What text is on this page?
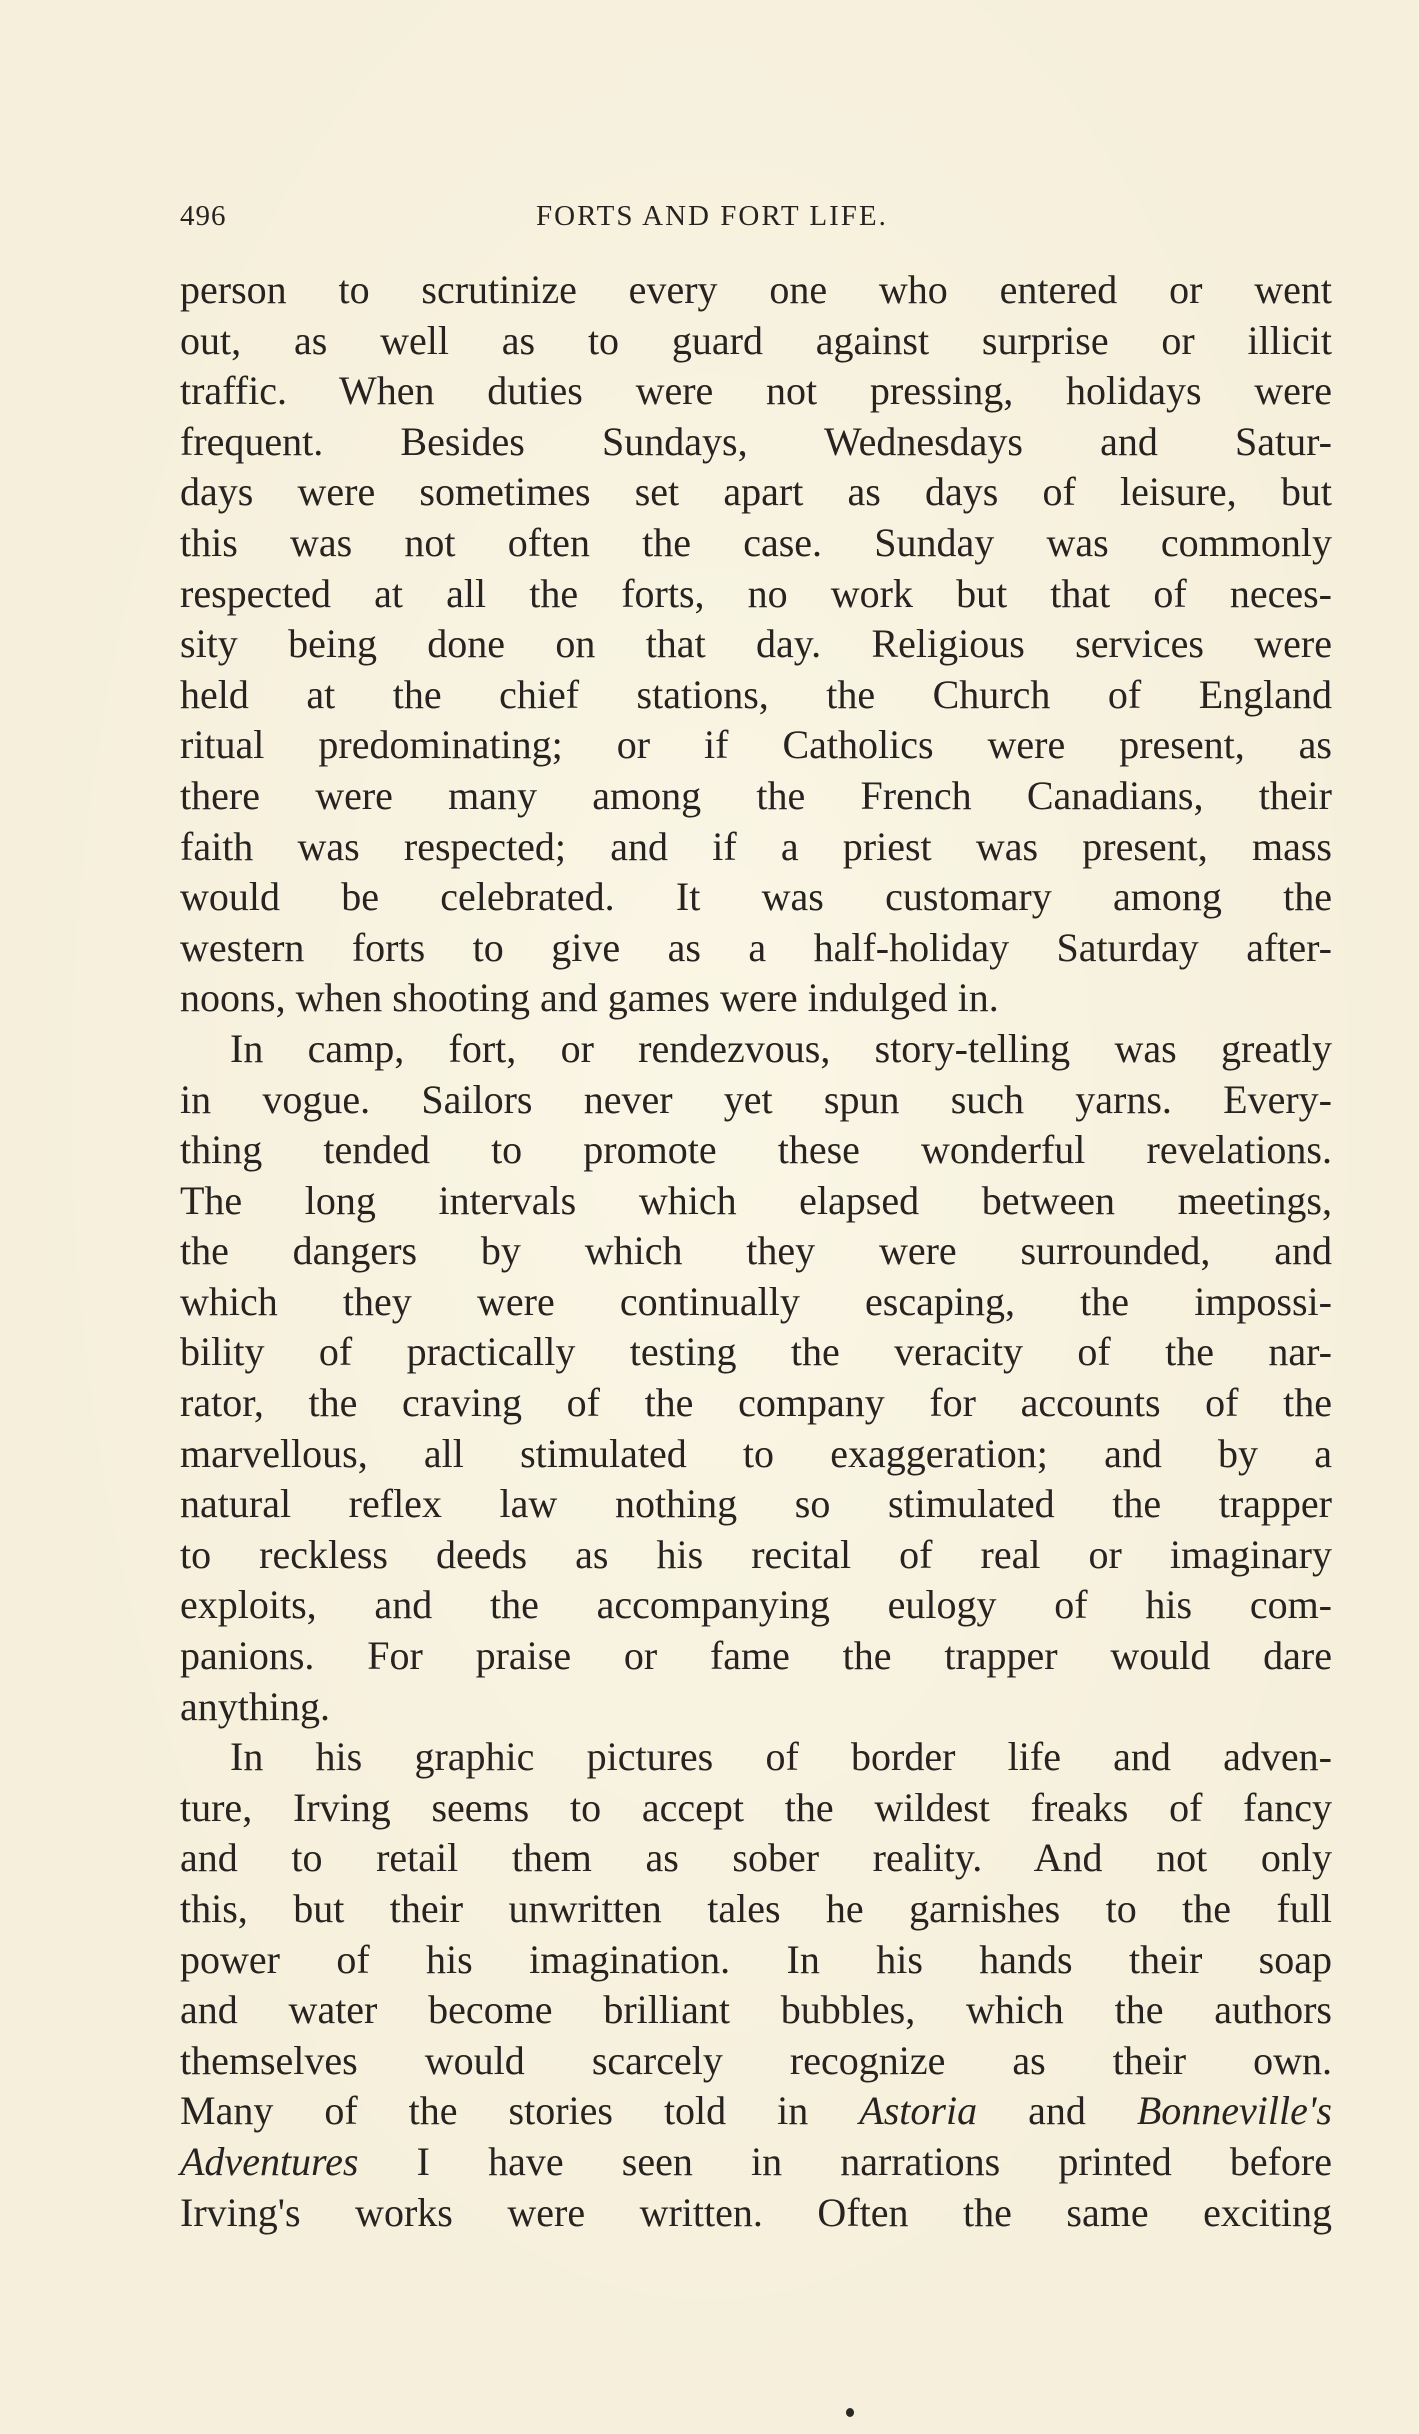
496	FORTS AND FORT LIFE.
person to scrutinize every one who entered or went
out, as well as to guard against surprise or illicit
traffic. When duties were not pressing, holidays were
frequent. Besides Sundays, Wednesdays and Satur-
days were sometimes set apart as days of leisure, but
this was not often the case. Sunday was commonly
respected at all the forts, no work but that of neces-
sity being done on that day. Religious services were
held at the chief stations, the Church of England
ritual predominating; or if Catholics were present, as
there were many among the French Canadians, their
faith was respected; and if a priest was present, mass
would be celebrated. It was customary among the
western forts to give as a half-holiday Saturday after-
noons, when shooting and games were indulged in.
In camp, fort, or rendezvous, story-telling was greatly
in vogue. Sailors never yet spun such yarns. Every-
thing tended to promote these wonderful revelations.
The long intervals which elapsed between meetings,
the dangers by which they were surrounded, and
which they were continually escaping, the impossi-
bility of practically testing the veracity of the nar-
rator, the craving of the company for accounts of the
marvellous, all stimulated to exaggeration; and by a
natural reflex law nothing so stimulated the trapper
to reckless deeds as his recital of real or imaginary
exploits, and the accompanying eulogy of his com-
panions. For praise or fame the trapper would dare
anything.
In his graphic pictures of border life and adven-
ture, Irving seems to accept the wildest freaks of fancy
and to retail them as sober reality. And not only
this, but their unwritten tales he garnishes to the full
power of his imagination. In his hands their soap
and water become brilliant bubbles, which the authors
themselves would scarcely recognize as their own.
Many of the stories told in Astoria and Bonneville's
Adventures I have seen in narrations printed before
Irving's works were written. Often the same exciting
